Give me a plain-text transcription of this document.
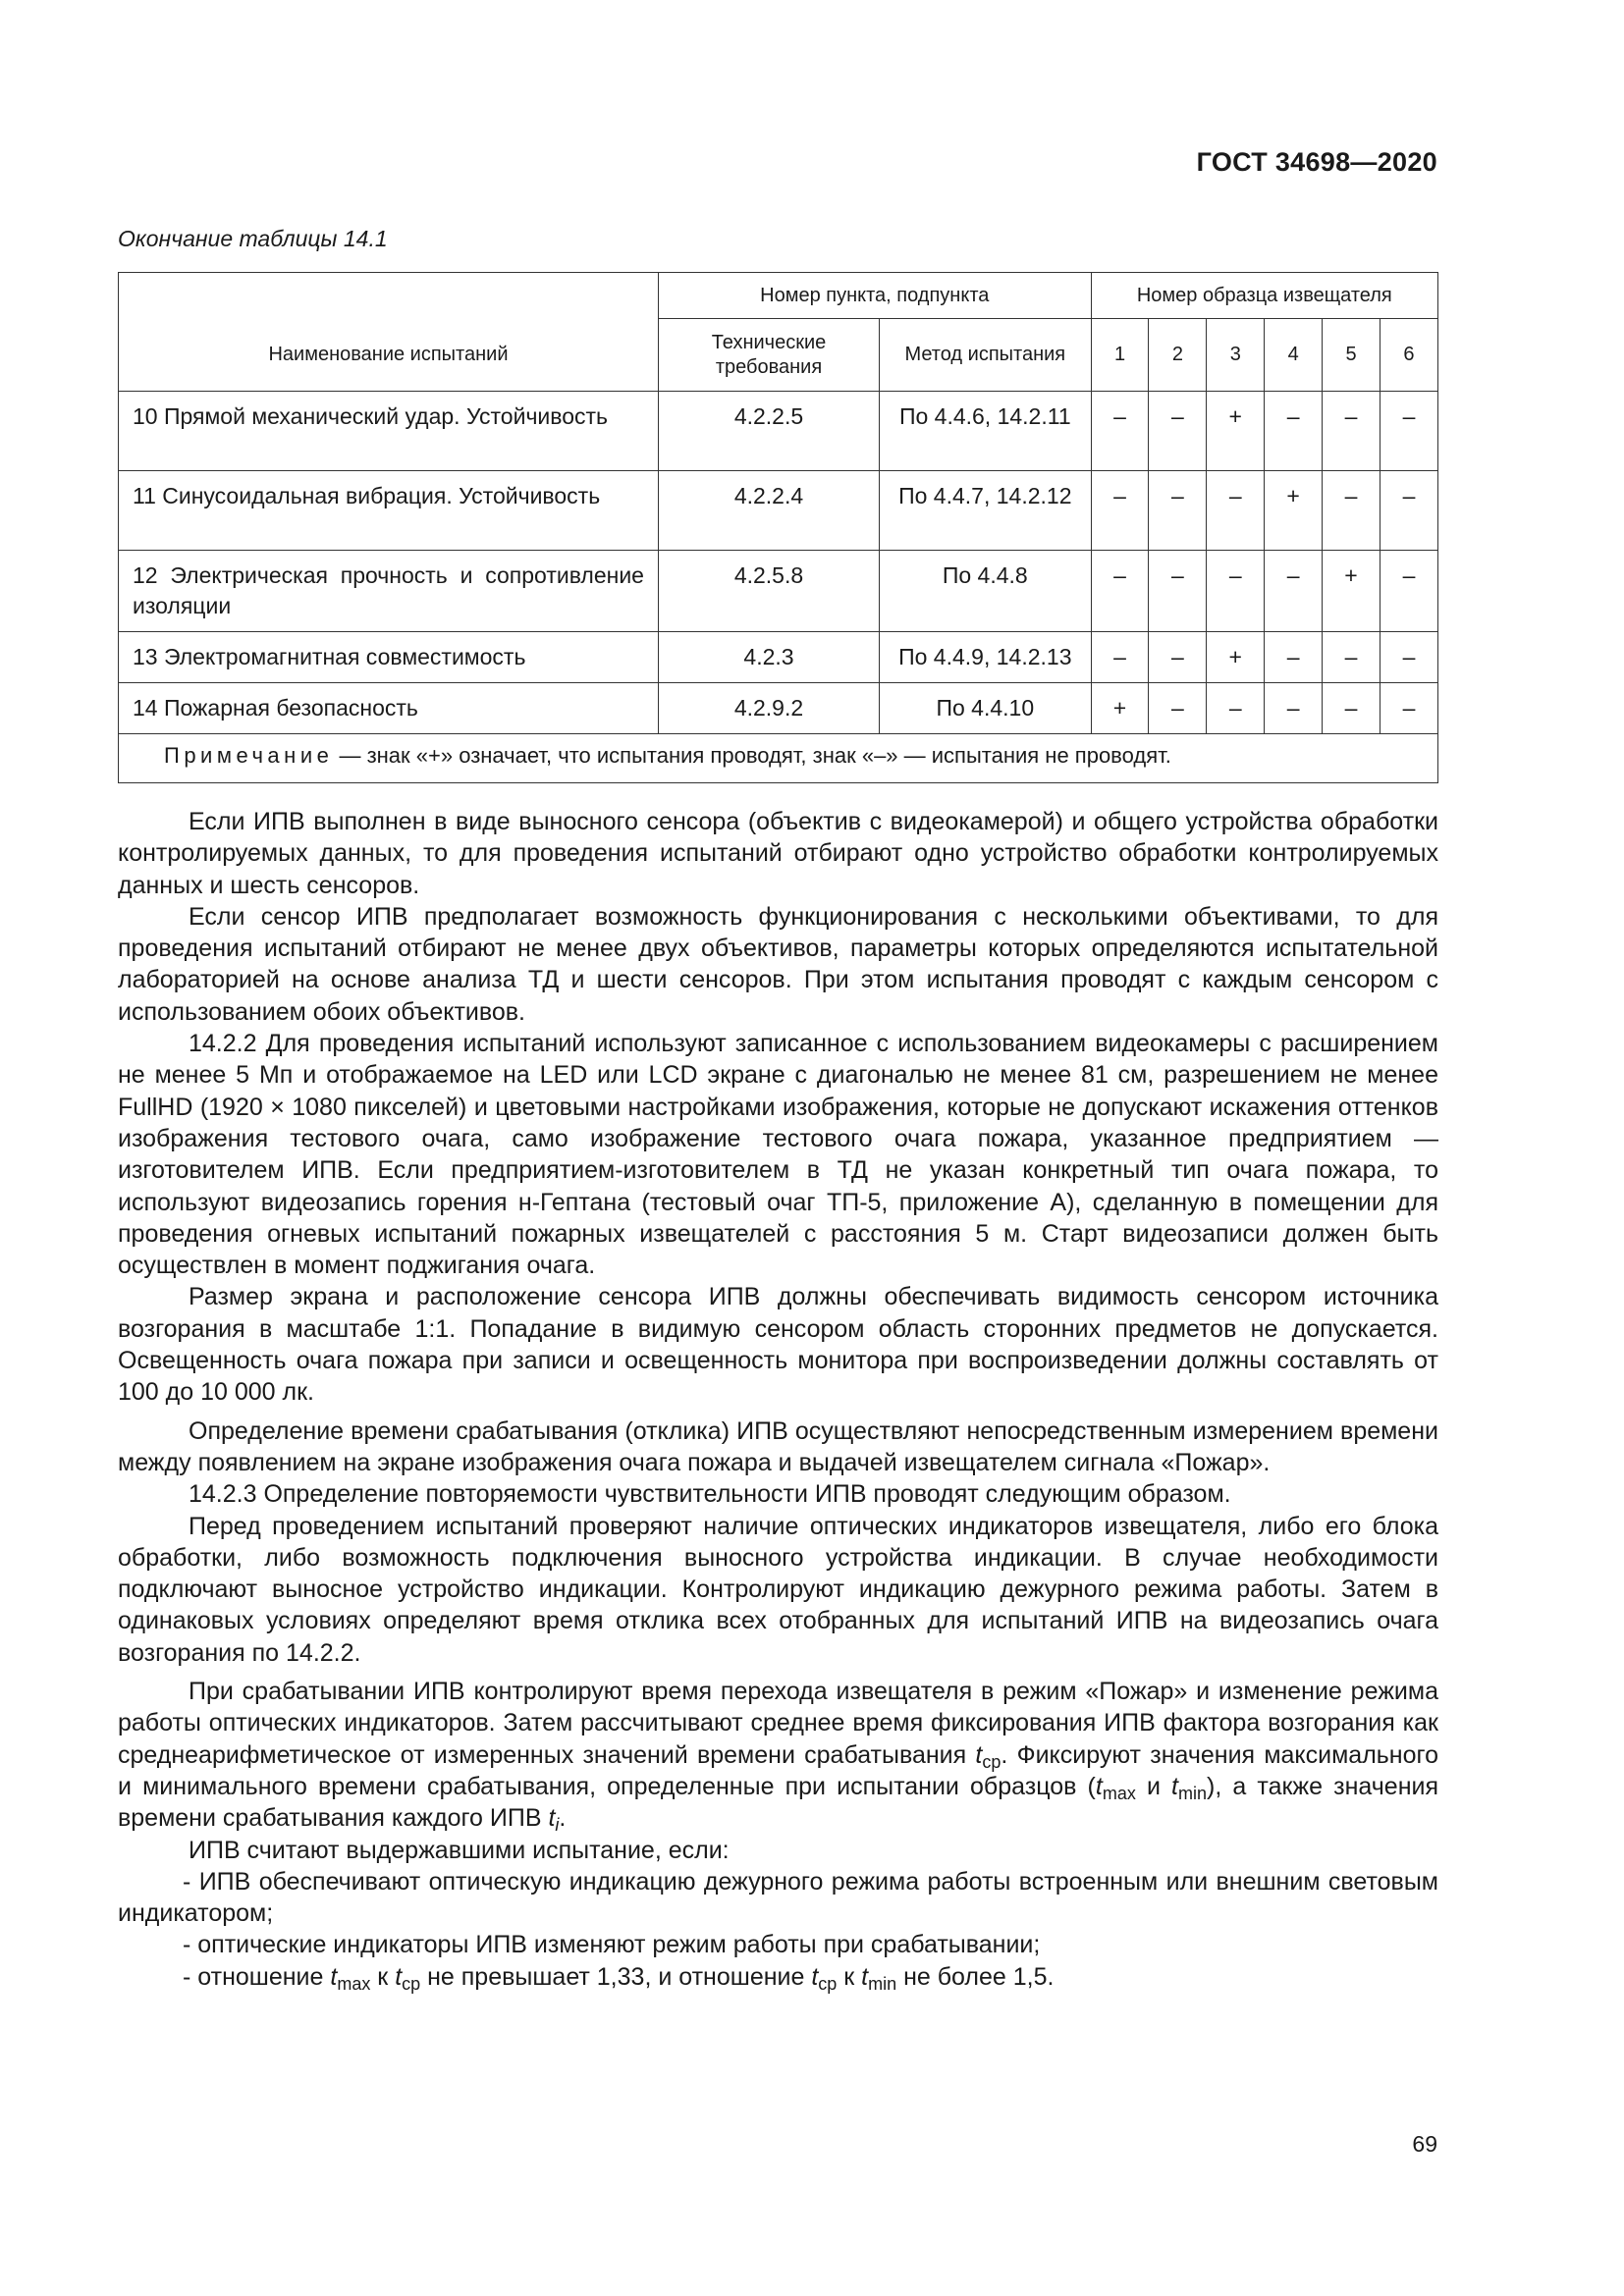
ГОСТ 34698—2020
Окончание таблицы 14.1
Наименование испытаний	Номер пункта, подпункта		Номер образца извещателя					
	Технические требования	Метод испытания	1	2	3	4	5	6
10 Прямой механический удар. Устойчивость	4.2.2.5	По 4.4.6, 14.2.11	–	–	+	–	–	–
11 Синусоидальная вибрация. Устойчивость	4.2.2.4	По 4.4.7, 14.2.12	–	–	–	+	–	–
12 Электрическая прочность и сопротивление изоляции	4.2.5.8	По 4.4.8	–	–	–	–	+	–
13 Электромагнитная совместимость	4.2.3	По 4.4.9, 14.2.13	–	–	+	–	–	–
14 Пожарная безопасность	4.2.9.2	По 4.4.10	+	–	–	–	–	–
Примечание — знак «+» означает, что испытания проводят, знак «–» — испытания не проводят.								

Если ИПВ выполнен в виде выносного сенсора (объектив с видеокамерой) и общего устройства обработки контролируемых данных, то для проведения испытаний отбирают одно устройство обработки контролируемых данных и шесть сенсоров.

Если сенсор ИПВ предполагает возможность функционирования с несколькими объективами, то для проведения испытаний отбирают не менее двух объективов, параметры которых определяются испытательной лабораторией на основе анализа ТД и шести сенсоров. При этом испытания проводят с каждым сенсором с использованием обоих объективов.

14.2.2 Для проведения испытаний используют записанное с использованием видеокамеры с расширением не менее 5 Мп и отображаемое на LED или LCD экране с диагональю не менее 81 см, разрешением не менее FullHD (1920 × 1080 пикселей) и цветовыми настройками изображения, которые не допускают искажения оттенков изображения тестового очага, само изображение тестового очага пожара, указанное предприятием — изготовителем ИПВ. Если предприятием-изготовителем в ТД не указан конкретный тип очага пожара, то используют видеозапись горения н-Гептана (тестовый очаг ТП-5, приложение А), сделанную в помещении для проведения огневых испытаний пожарных извещателей с расстояния 5 м. Старт видеозаписи должен быть осуществлен в момент поджигания очага.

Размер экрана и расположение сенсора ИПВ должны обеспечивать видимость сенсором источника возгорания в масштабе 1:1. Попадание в видимую сенсором область сторонних предметов не допускается. Освещенность очага пожара при записи и освещенность монитора при воспроизведении должны составлять от 100 до 10 000 лк.

Определение времени срабатывания (отклика) ИПВ осуществляют непосредственным измерением времени между появлением на экране изображения очага пожара и выдачей извещателем сигнала «Пожар».

14.2.3 Определение повторяемости чувствительности ИПВ проводят следующим образом.

Перед проведением испытаний проверяют наличие оптических индикаторов извещателя, либо его блока обработки, либо возможность подключения выносного устройства индикации. В случае необходимости подключают выносное устройство индикации. Контролируют индикацию дежурного режима работы. Затем в одинаковых условиях определяют время отклика всех отобранных для испытаний ИПВ на видеозапись очага возгорания по 14.2.2.

При срабатывании ИПВ контролируют время перехода извещателя в режим «Пожар» и изменение режима работы оптических индикаторов. Затем рассчитывают среднее время фиксирования ИПВ фактора возгорания как среднеарифметическое от измеренных значений времени срабатывания $t_{ср}$. Фиксируют значения максимального и минимального времени срабатывания, определенные при испытании образцов ($t_{max}$ и $t_{min}$), а также значения времени срабатывания каждого ИПВ $t_i$.

ИПВ считают выдержавшими испытание, если:

- ИПВ обеспечивают оптическую индикацию дежурного режима работы встроенным или внешним световым индикатором;

- оптические индикаторы ИПВ изменяют режим работы при срабатывании;

- отношение $t_{max}$ к $t_{ср}$ не превышает 1,33, и отношение $t_{ср}$ к $t_{min}$ не более 1,5.

69
